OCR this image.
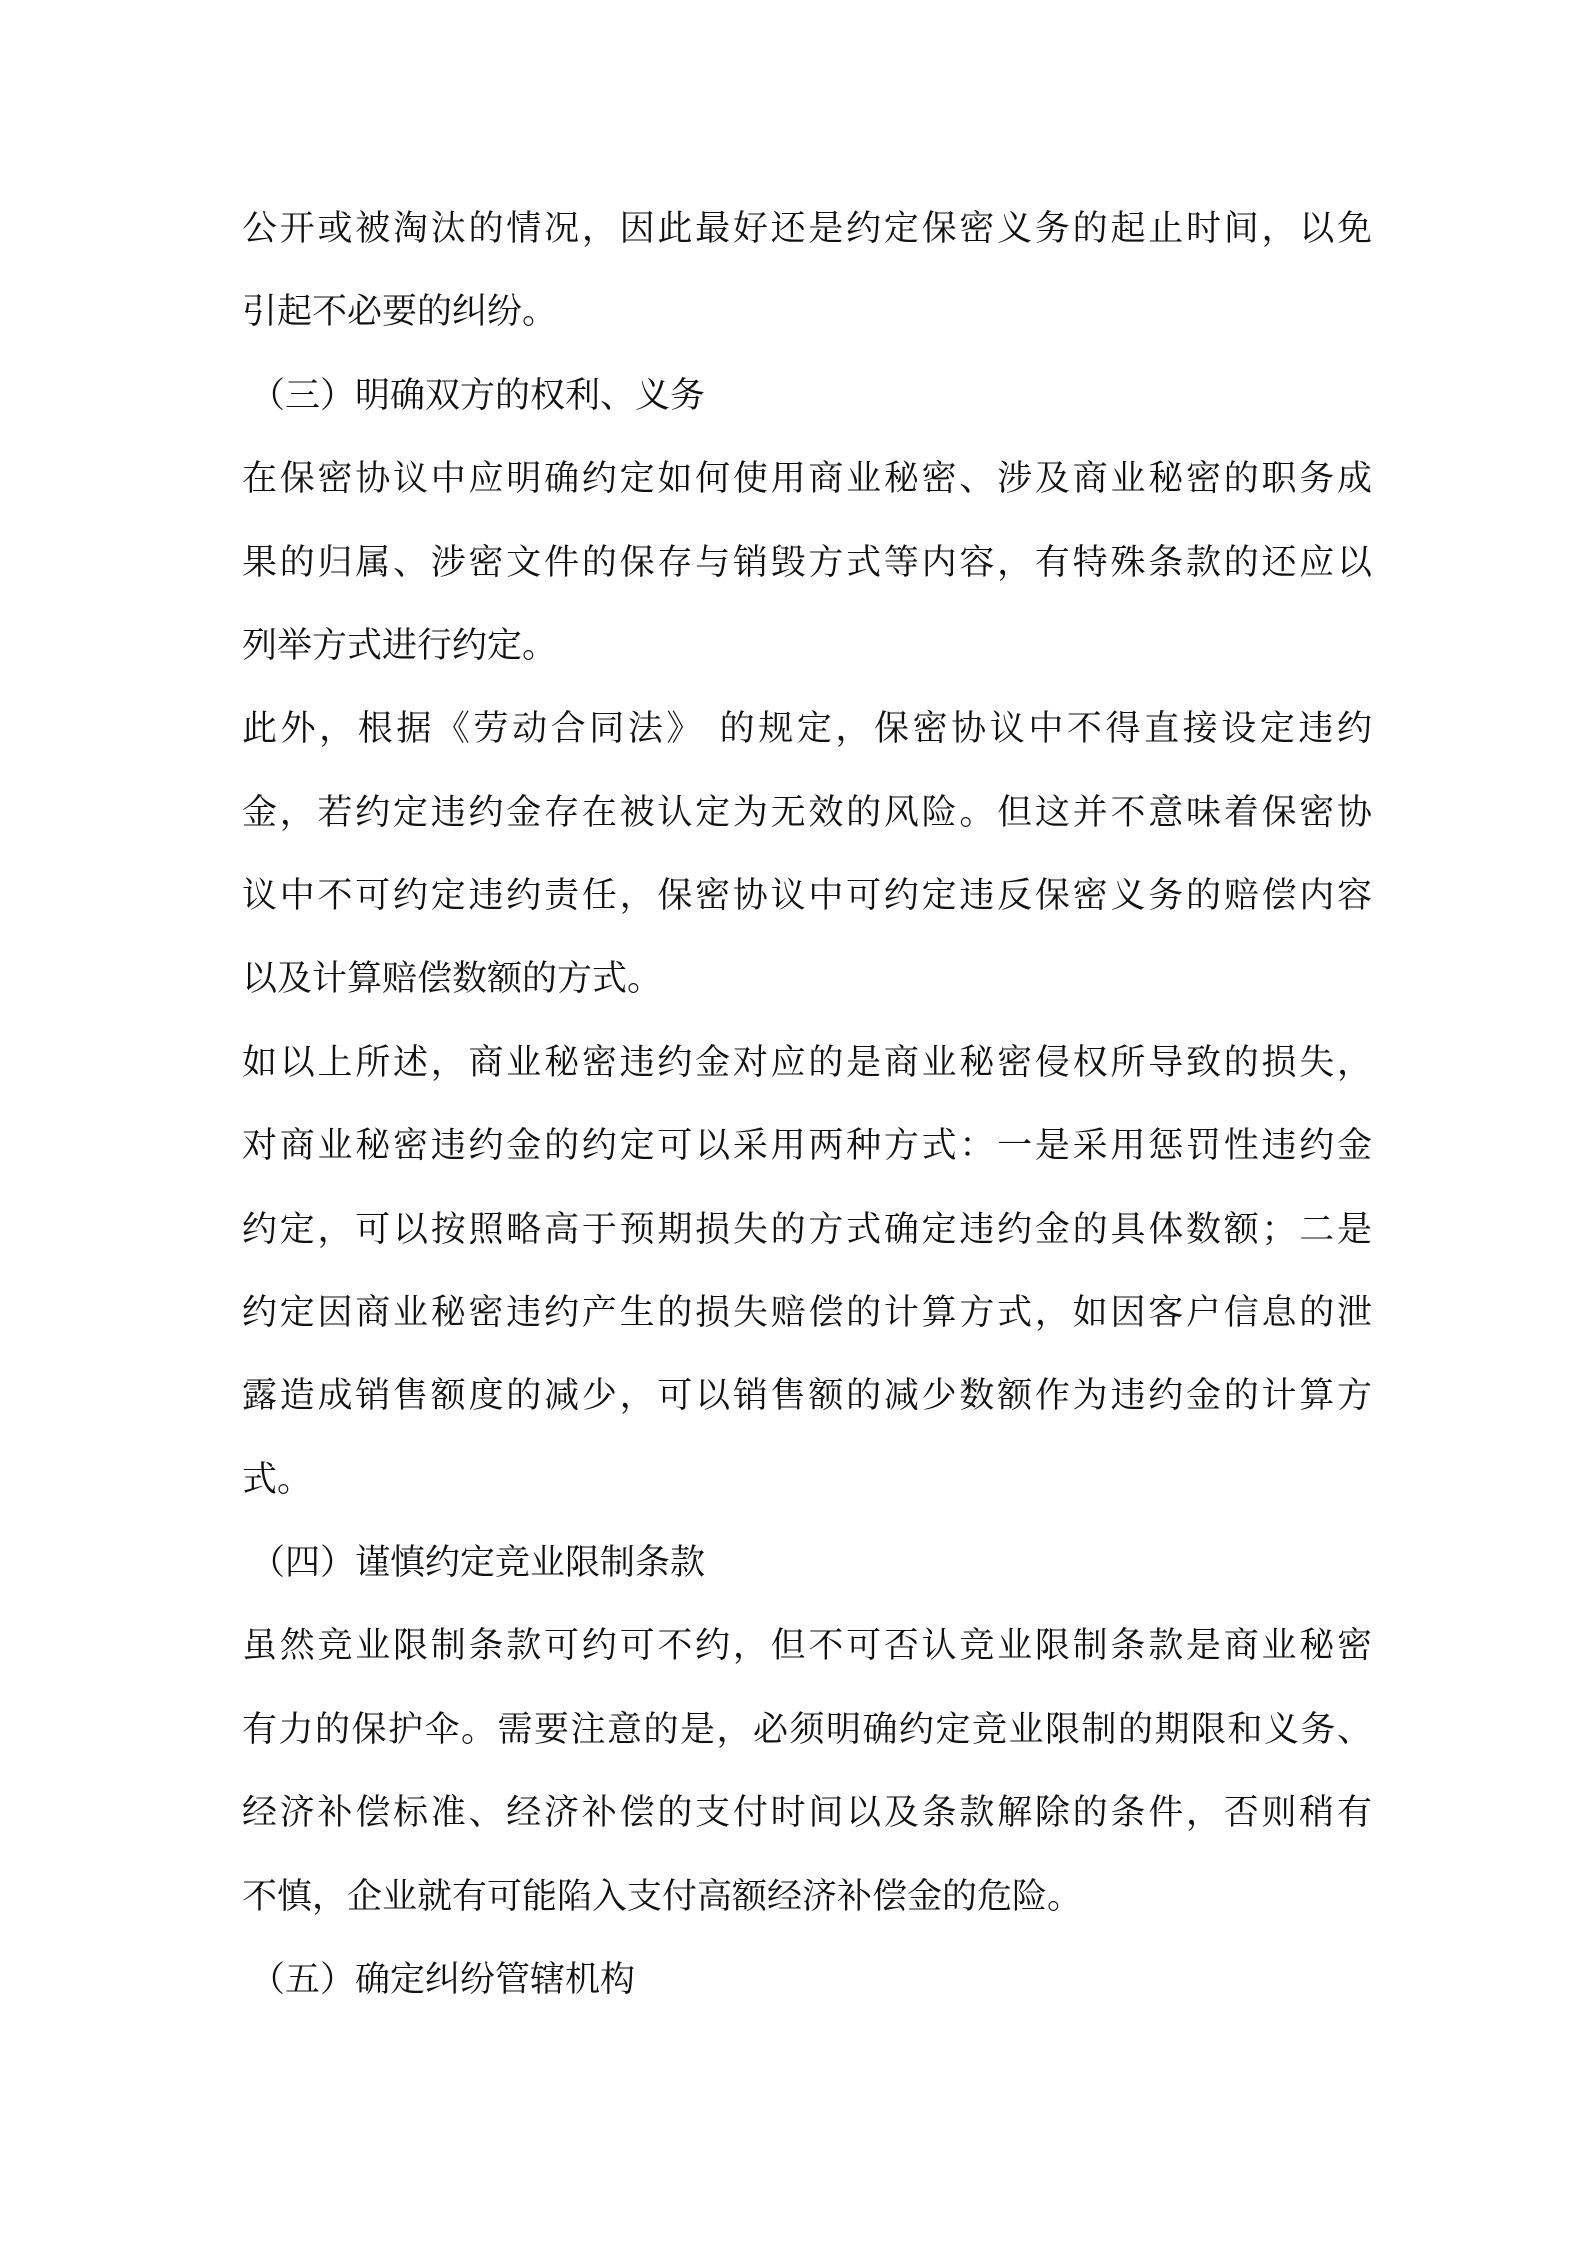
公开或被淘汰的情况，因此最好还是约定保密义务的起止时间，以免
引起不必要的纠纷。
（三）明确双方的权利、义务
在保密协议中应明确约定如何使用商业秘密、涉及商业秘密的职务成
果的归属、涉密文件的保存与销毁方式等内容，有特殊条款的还应以
列举方式进行约定。
此外，根据《劳动合同法》 的规定，保密协议中不得直接设定违约
金，若约定违约金存在被认定为无效的风险。但这并不意味着保密协
议中不可约定违约责任，保密协议中可约定违反保密义务的赔偿内容
以及计算赔偿数额的方式。
如以上所述，商业秘密违约金对应的是商业秘密侵权所导致的损失，
对商业秘密违约金的约定可以采用两种方式：一是采用惩罚性违约金
约定，可以按照略高于预期损失的方式确定违约金的具体数额；二是
约定因商业秘密违约产生的损失赔偿的计算方式，如因客户信息的泄
露造成销售额度的减少，可以销售额的减少数额作为违约金的计算方
式。
（四）谨慎约定竞业限制条款
虽然竞业限制条款可约可不约，但不可否认竞业限制条款是商业秘密
有力的保护伞。需要注意的是，必须明确约定竞业限制的期限和义务、
经济补偿标准、经济补偿的支付时间以及条款解除的条件，否则稍有
不慎，企业就有可能陷入支付高额经济补偿金的危险。
（五）确定纠纷管辖机构
